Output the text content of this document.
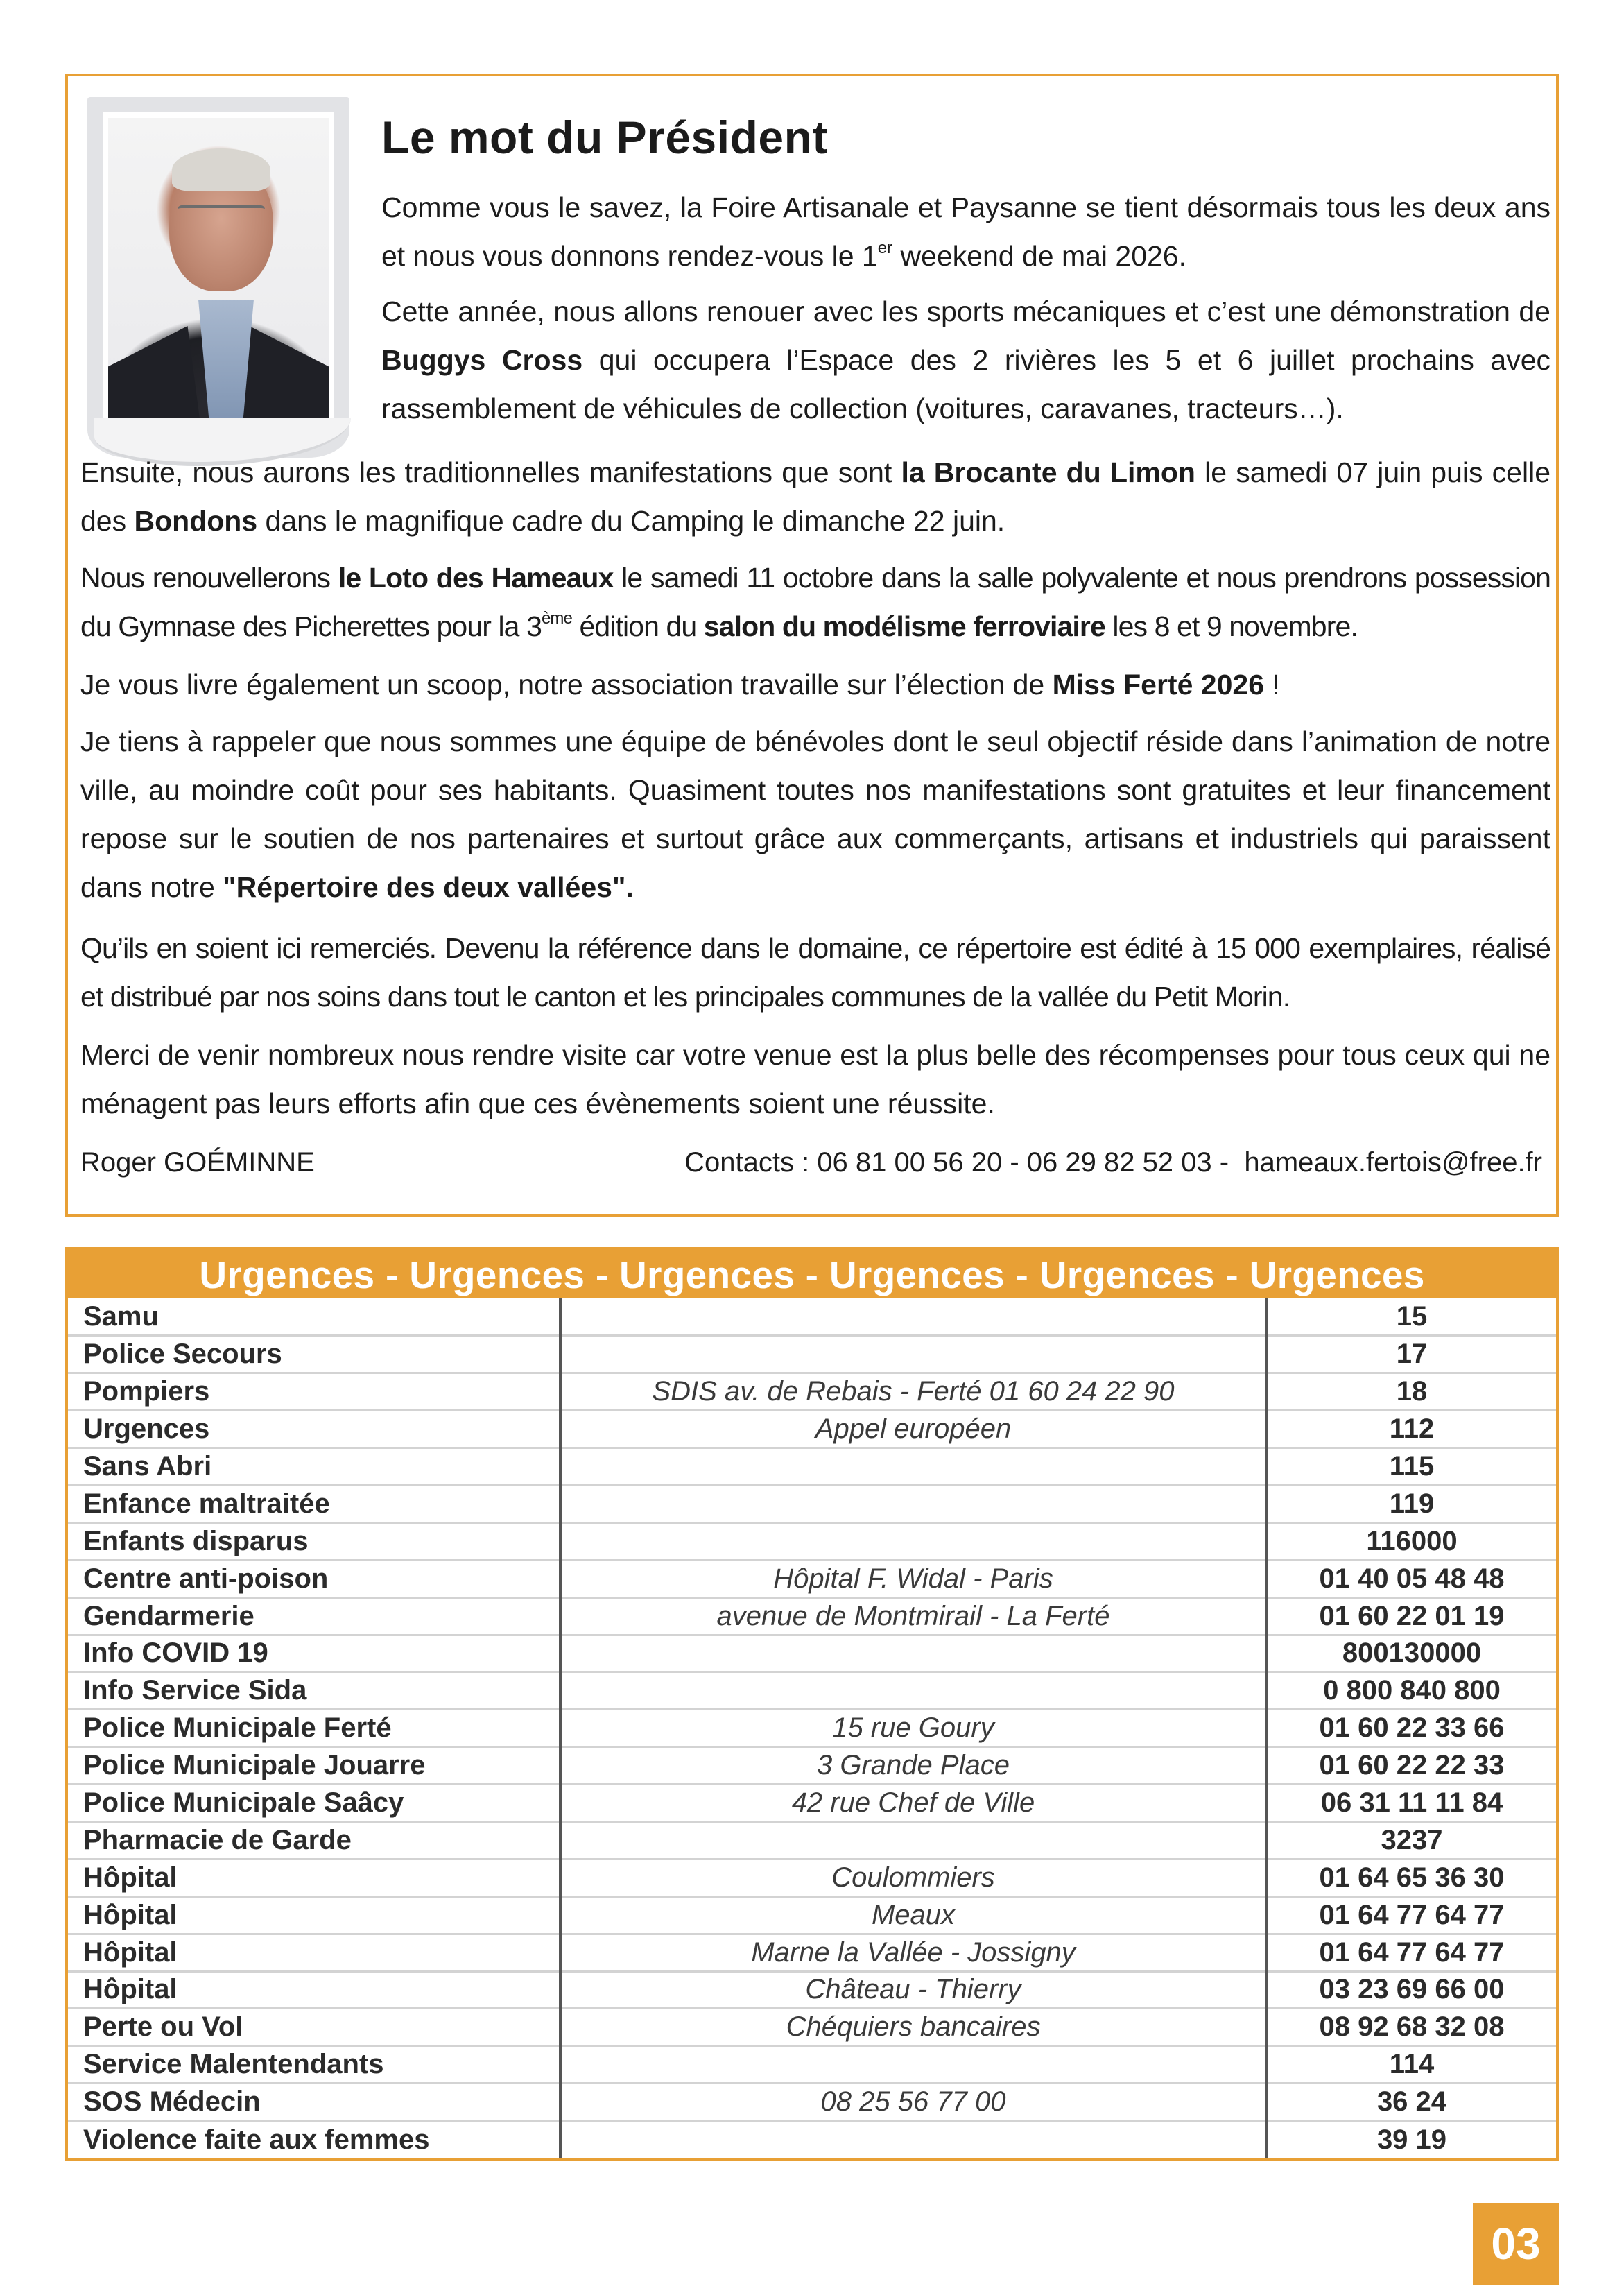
Le mot du Président

Comme vous le savez, la Foire Artisanale et Paysanne se tient désormais tous les deux ans et nous vous donnons rendez-vous le 1er weekend de mai 2026.

Cette année, nous allons renouer avec les sports mécaniques et c’est une démonstration de Buggys Cross qui occupera l’Espace des 2 rivières les 5 et 6 juillet prochains avec rassemblement de véhicules de collection (voitures, caravanes, tracteurs…).

Ensuite, nous aurons les traditionnelles manifestations que sont la Brocante du Limon le samedi 07 juin puis celle des Bondons dans le magnifique cadre du Camping le dimanche 22 juin.

Nous renouvellerons le Loto des Hameaux le samedi 11 octobre dans la salle polyvalente et nous prendrons possession du Gymnase des Picherettes pour la 3ème édition du salon du modélisme ferroviaire les 8 et 9 novembre.

Je vous livre également un scoop, notre association travaille sur l’élection de Miss Ferté 2026 !

Je tiens à rappeler que nous sommes une équipe de bénévoles dont le seul objectif réside dans l’animation de notre ville, au moindre coût pour ses habitants. Quasiment toutes nos manifestations sont gratuites et leur financement repose sur le soutien de nos partenaires et surtout grâce aux commerçants, artisans et industriels qui paraissent dans notre "Répertoire des deux vallées".

Qu’ils en soient ici remerciés. Devenu la référence dans le domaine, ce répertoire est édité à 15 000 exemplaires, réalisé et distribué par nos soins dans tout le canton et les principales communes de la vallée du Petit Morin.

Merci de venir nombreux nous rendre visite car votre venue est la plus belle des récompenses pour tous ceux qui ne ménagent pas leurs efforts afin que ces évènements soient une réussite.

Roger GOÉMINNE	Contacts : 06 81 00 56 20 - 06 29 82 52 03 -  hameaux.fertois@free.fr
Urgences - Urgences - Urgences - Urgences - Urgences - Urgences
Samu		15
Police Secours		17
Pompiers	SDIS av. de Rebais - Ferté 01 60 24 22 90	18
Urgences	Appel européen	112
Sans Abri		115
Enfance maltraitée		119
Enfants disparus		116000
Centre anti-poison	Hôpital F. Widal - Paris	01 40 05 48 48
Gendarmerie	avenue de Montmirail - La Ferté	01 60 22 01 19
Info COVID 19		800130000
Info Service Sida		0 800 840 800
Police Municipale Ferté	15 rue Goury	01 60 22 33 66
Police Municipale Jouarre	3 Grande Place	01 60 22 22 33
Police Municipale Saâcy	42 rue Chef de Ville	06 31 11 11 84
Pharmacie de Garde		3237
Hôpital	Coulommiers	01 64 65 36 30
Hôpital	Meaux	01 64 77 64 77
Hôpital	Marne la Vallée - Jossigny	01 64 77 64 77
Hôpital	Château - Thierry	03 23 69 66 00
Perte ou Vol	Chéquiers bancaires	08 92 68 32 08
Service Malentendants		114
SOS Médecin	08 25 56 77 00	36 24
Violence faite aux femmes		39 19
03
